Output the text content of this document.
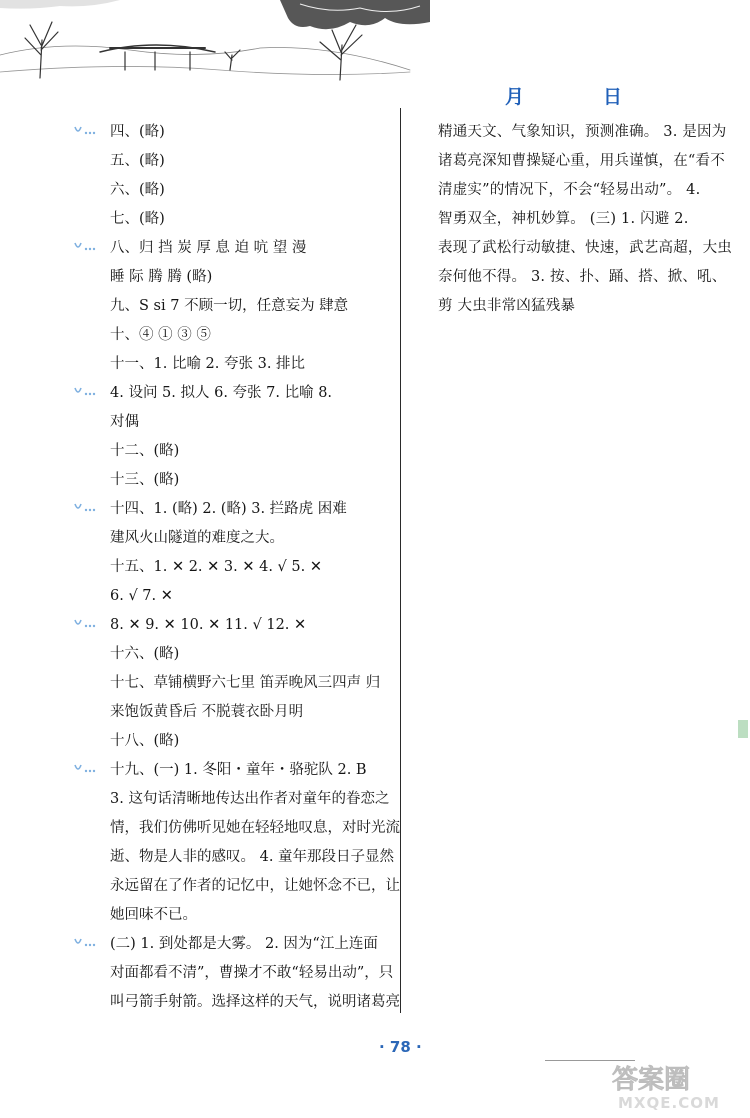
月	日
四、(略)
五、(略)
六、(略)
七、(略)
八、归 挡 炭 厚 息 迫 吭 望 漫
睡 际 腾 腾 (略)
九、S si 7 不顾一切，任意妄为 肆意
十、④ ① ③ ⑤
十一、1. 比喻 2. 夸张 3. 排比
4. 设问 5. 拟人 6. 夸张 7. 比喻 8.
对偶
十二、(略)
十三、(略)
十四、1. (略) 2. (略) 3. 拦路虎 困难
建风火山隧道的难度之大。
十五、1. ✕ 2. ✕ 3. ✕ 4. √ 5. ✕
6. √ 7. ✕
8. ✕ 9. ✕ 10. ✕ 11. √ 12. ✕
十六、(略)
十七、草铺横野六七里 笛弄晚风三四声 归
来饱饭黄昏后 不脱蓑衣卧月明
十八、(略)
十九、(一) 1. 冬阳・童年・骆驼队 2. B
3. 这句话清晰地传达出作者对童年的眷恋之
情，我们仿佛听见她在轻轻地叹息，对时光流
逝、物是人非的感叹。 4. 童年那段日子显然
永远留在了作者的记忆中，让她怀念不已，让
她回味不已。
(二) 1. 到处都是大雾。 2. 因为“江上连面
对面都看不清”，曹操才不敢“轻易出动”，只
叫弓箭手射箭。选择这样的天气，说明诸葛亮
精通天文、气象知识，预测准确。 3. 是因为
诸葛亮深知曹操疑心重，用兵谨慎，在“看不
清虚实”的情况下，不会“轻易出动”。 4.
智勇双全，神机妙算。 (三) 1. 闪避 2.
表现了武松行动敏捷、快速，武艺高超，大虫
奈何他不得。 3. 按、扑、踊、搭、掀、吼、
剪 大虫非常凶猛残暴
· 78 ·
答案圈
MXQE.COM
